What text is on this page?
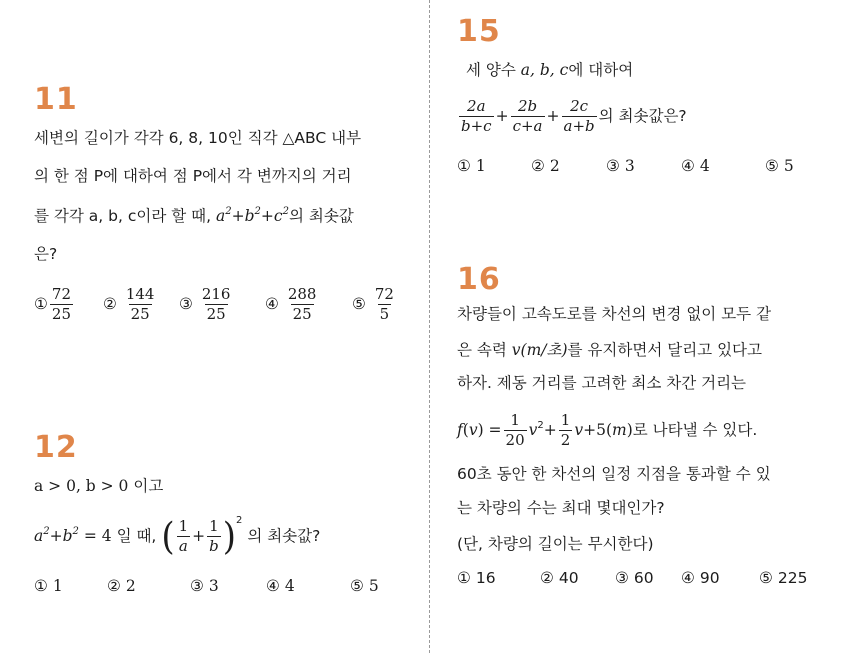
11
세변의 길이가 각각 6, 8, 10인 직각 △ABC 내부
의 한 점 P에 대하여 점 P에서 각 변까지의 거리
를 각각 a, b, c이라 할 때, $a^2+b^2+c^2$의 최솟값
은?
① $\frac{72}{25}$ ② $\frac{144}{25}$ ③ $\frac{216}{25}$ ④ $\frac{288}{25}$ ⑤ $\frac{72}{5}$
12
a > 0, b > 0 이고
$a^2+b^2 = 4$ 일 때, ( $\frac{1}{a} + \frac{1}{b} )^2$ 의 최솟값?
① 1	② 2	③ 3	④ 4	⑤ 5
15
세 양수 a, b, c에 대하여
$\frac{2a}{b+c} + \frac{2b}{c+a} + \frac{2c}{a+b}$ 의 최솟값은?
① 1	② 2	③ 3	④ 4	⑤ 5
16
차량들이 고속도로를 차선의 변경 없이 모두 같
은 속력 v(m/초)를 유지하면서 달리고 있다고
하자. 제동 거리를 고려한 최소 차간 거리는
$f(v) = \frac{1}{20} v^2+ \frac{1}{2} v+5(m)$로 나타낼 수 있다.
60초 동안 한 차선의 일정 지점을 통과할 수 있
는 차량의 수는 최대 몇대인가?
(단, 차량의 길이는 무시한다)
① 16	② 40 ③ 60 ④ 90	⑤ 225
